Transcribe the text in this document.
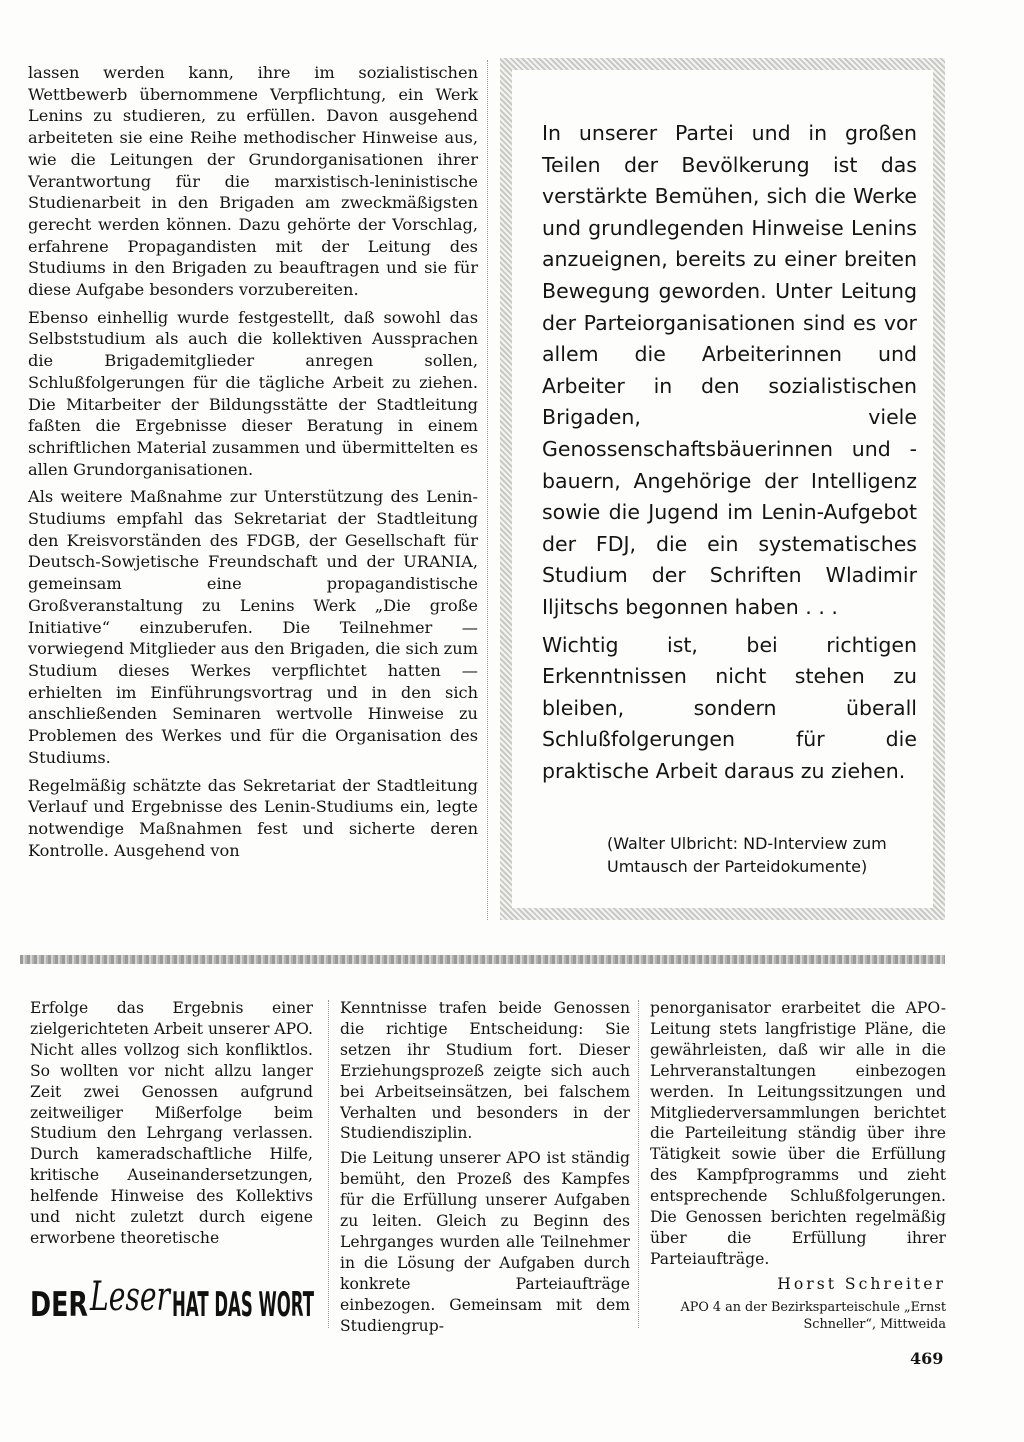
lassen werden kann, ihre im sozialistischen Wettbewerb übernommene Verpflichtung, ein Werk Lenins zu studieren, zu erfüllen. Davon ausgehend arbeiteten sie eine Reihe methodischer Hinweise aus, wie die Leitungen der Grundorganisationen ihrer Verantwortung für die marxistisch-leninistische Studienarbeit in den Brigaden am zweckmäßigsten gerecht werden können. Dazu gehörte der Vorschlag, erfahrene Propagandisten mit der Leitung des Studiums in den Brigaden zu beauftragen und sie für diese Aufgabe besonders vorzubereiten.

Ebenso einhellig wurde festgestellt, daß sowohl das Selbststudium als auch die kollektiven Aussprachen die Brigademitglieder anregen sollen, Schlußfolgerungen für die tägliche Arbeit zu ziehen. Die Mitarbeiter der Bildungsstätte der Stadtleitung faßten die Ergebnisse dieser Beratung in einem schriftlichen Material zusammen und übermittelten es allen Grundorganisationen.

Als weitere Maßnahme zur Unterstützung des Lenin-Studiums empfahl das Sekretariat der Stadtleitung den Kreisvorständen des FDGB, der Gesellschaft für Deutsch-Sowjetische Freundschaft und der URANIA, gemeinsam eine propagandistische Großveranstaltung zu Lenins Werk „Die große Initiative“ einzuberufen. Die Teilnehmer — vorwiegend Mitglieder aus den Brigaden, die sich zum Studium dieses Werkes verpflichtet hatten — erhielten im Einführungsvortrag und in den sich anschließenden Seminaren wertvolle Hinweise zu Problemen des Werkes und für die Organisation des Studiums.

Regelmäßig schätzte das Sekretariat der Stadtleitung Verlauf und Ergebnisse des Lenin-Studiums ein, legte notwendige Maßnahmen fest und sicherte deren Kontrolle. Ausgehend von

In unserer Partei und in großen Teilen der Bevölkerung ist das verstärkte Bemühen, sich die Werke und grundlegenden Hinweise Lenins anzueignen, bereits zu einer breiten Bewegung geworden. Unter Leitung der Parteiorganisationen sind es vor allem die Arbeiterinnen und Arbeiter in den sozialistischen Brigaden, viele Genossenschaftsbäuerinnen und -bauern, Angehörige der Intelligenz sowie die Jugend im Lenin-Aufgebot der FDJ, die ein systematisches Studium der Schriften Wladimir Iljitschs begonnen haben . . .

Wichtig ist, bei richtigen Erkenntnissen nicht stehen zu bleiben, sondern überall Schlußfolgerungen für die praktische Arbeit daraus zu ziehen.

(Walter Ulbricht: ND-Interview zum
Umtausch der Parteidokumente)

Erfolge das Ergebnis einer zielgerichteten Arbeit unserer APO. Nicht alles vollzog sich konfliktlos. So wollten vor nicht allzu langer Zeit zwei Genossen aufgrund zeitweiliger Mißerfolge beim Studium den Lehrgang verlassen. Durch kameradschaftliche Hilfe, kritische Auseinandersetzungen, helfende Hinweise des Kollektivs und nicht zuletzt durch eigene erworbene theoretische

Kenntnisse trafen beide Genossen die richtige Entscheidung: Sie setzen ihr Studium fort. Dieser Erziehungsprozeß zeigte sich auch bei Arbeitseinsätzen, bei falschem Verhalten und besonders in der Studiendisziplin.

Die Leitung unserer APO ist ständig bemüht, den Prozeß des Kampfes für die Erfüllung unserer Aufgaben zu leiten. Gleich zu Beginn des Lehrganges wurden alle Teilnehmer in die Lösung der Aufgaben durch konkrete Parteiaufträge einbezogen. Gemeinsam mit dem Studiengrup-

penorganisator erarbeitet die APO-Leitung stets langfristige Pläne, die gewährleisten, daß wir alle in die Lehrveranstaltungen einbezogen werden. In Leitungssitzungen und Mitgliederversammlungen berichtet die Parteileitung ständig über ihre Tätigkeit sowie über die Erfüllung des Kampfprogramms und zieht entsprechende Schlußfolgerungen. Die Genossen berichten regelmäßig über die Erfüllung ihrer Parteiaufträge.

Horst Schreiter

APO 4 an der Bezirksparteischule „Ernst Schneller“, Mittweida

DER Leser HAT DAS WORT
469
